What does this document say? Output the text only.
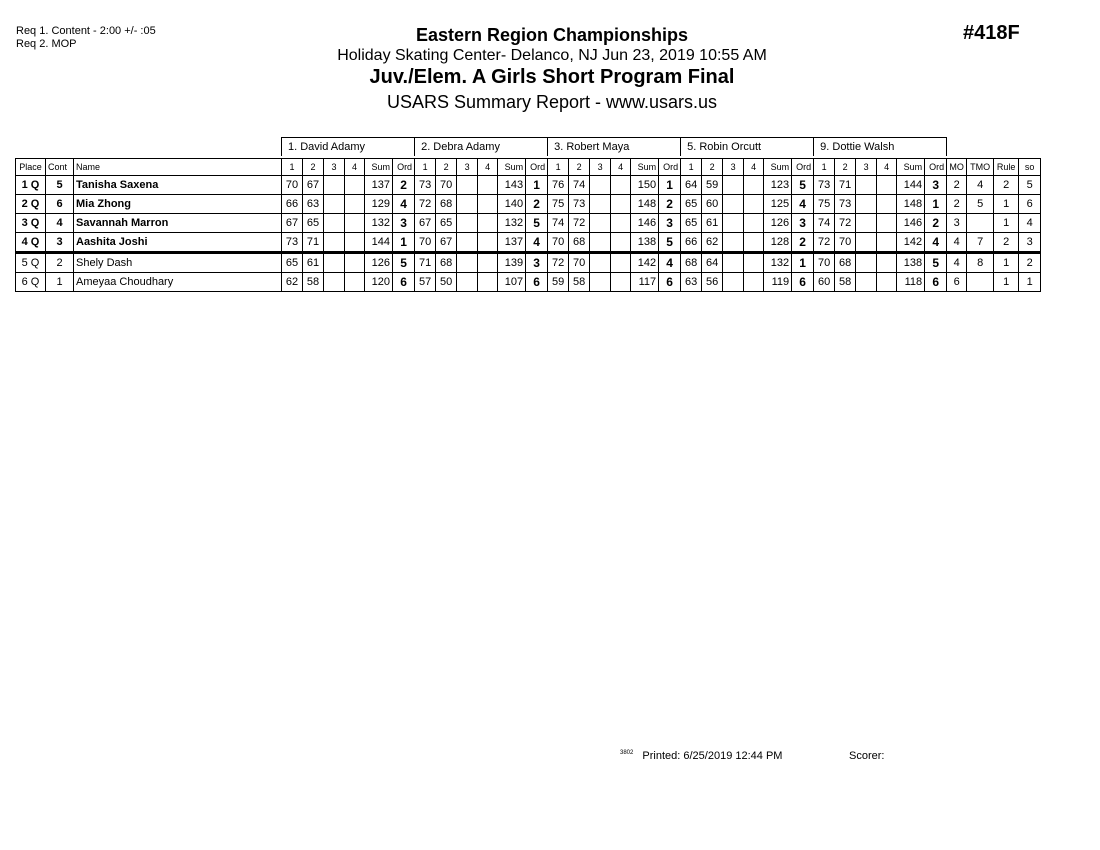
Req 1. Content - 2:00 +/- :05
Req 2. MOP	Eastern Region Championships
Holiday Skating Center- Delanco, NJ Jun 23, 2019 10:55 AM
Juv./Elem. A Girls Short Program Final
USARS Summary Report - www.usars.us
#418F
			1. David Adamy						2. Debra Adamy						3. Robert Maya						5. Robin Orcutt						9. Dottie Walsh									

Place	Cont	Name	1	2	3	4	Sum	Ord	1	2	3	4	Sum	Ord	1	2	3	4	Sum	Ord	1	2	3	4	Sum	Ord	1	2	3	4	Sum	Ord	MO	TMO	Rule	so
1 Q	5	Tanisha Saxena	70	67			137	2	73	70			143	1	76	74			150	1	64	59			123	5	73	71			144	3	2	4	2	5
2 Q	6	Mia Zhong	66	63			129	4	72	68			140	2	75	73			148	2	65	60			125	4	75	73			148	1	2	5	1	6
3 Q	4	Savannah Marron	67	65			132	3	67	65			132	5	74	72			146	3	65	61			126	3	74	72			146	2	3		1	4
4 Q	3	Aashita Joshi	73	71			144	1	70	67			137	4	70	68			138	5	66	62			128	2	72	70			142	4	4	7	2	3
5 Q	2	Shely Dash	65	61			126	5	71	68			139	3	72	70			142	4	68	64			132	1	70	68			138	5	4	8	1	2
6 Q	1	Ameyaa Choudhary	62	58			120	6	57	50			107	6	59	58			117	6	63	56			119	6	60	58			118	6	6		1	1
$^{3802}$ Printed: 6/25/2019 12:44 PM	Scorer:
